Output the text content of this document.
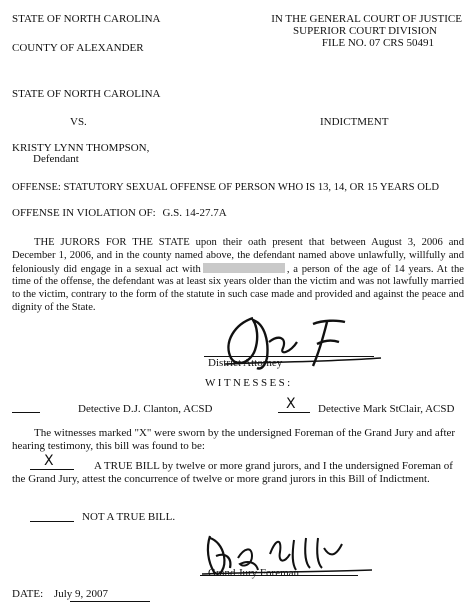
STATE OF NORTH CAROLINA
COUNTY OF ALEXANDER
IN THE GENERAL COURT OF JUSTICE
SUPERIOR COURT DIVISION
FILE NO. 07 CRS 50491
STATE OF NORTH CAROLINA
VS.	INDICTMENT
KRISTY LYNN THOMPSON,
Defendant
OFFENSE: STATUTORY SEXUAL OFFENSE OF PERSON WHO IS 13, 14, OR 15 YEARS OLD
OFFENSE IN VIOLATION OF: G.S. 14-27.7A
THE JURORS FOR THE STATE upon their oath present that between August 3, 2006 and December 1, 2006, and in the county named above, the defendant named above unlawfully, willfully and feloniously did engage in a sexual act with	, a person of the age of 14 years. At the time of the offense, the defendant was at least six years older than the victim and was not lawfully married to the victim, contrary to the form of the statute in such case made and provided and against the peace and dignity of the State.
District Attorney
WITNESSES:
Detective D.J. Clanton, ACSD	X Detective Mark StClair, ACSD
The witnesses marked "X" were sworn by the undersigned Foreman of the Grand Jury and after hearing testimony, this bill was found to be:
X	A TRUE BILL by twelve or more grand jurors, and I the undersigned Foreman of the Grand Jury, attest the concurrence of twelve or more grand jurors in this Bill of Indictment.
NOT A TRUE BILL.
Grand Jury Foreman
DATE: July 9, 2007
